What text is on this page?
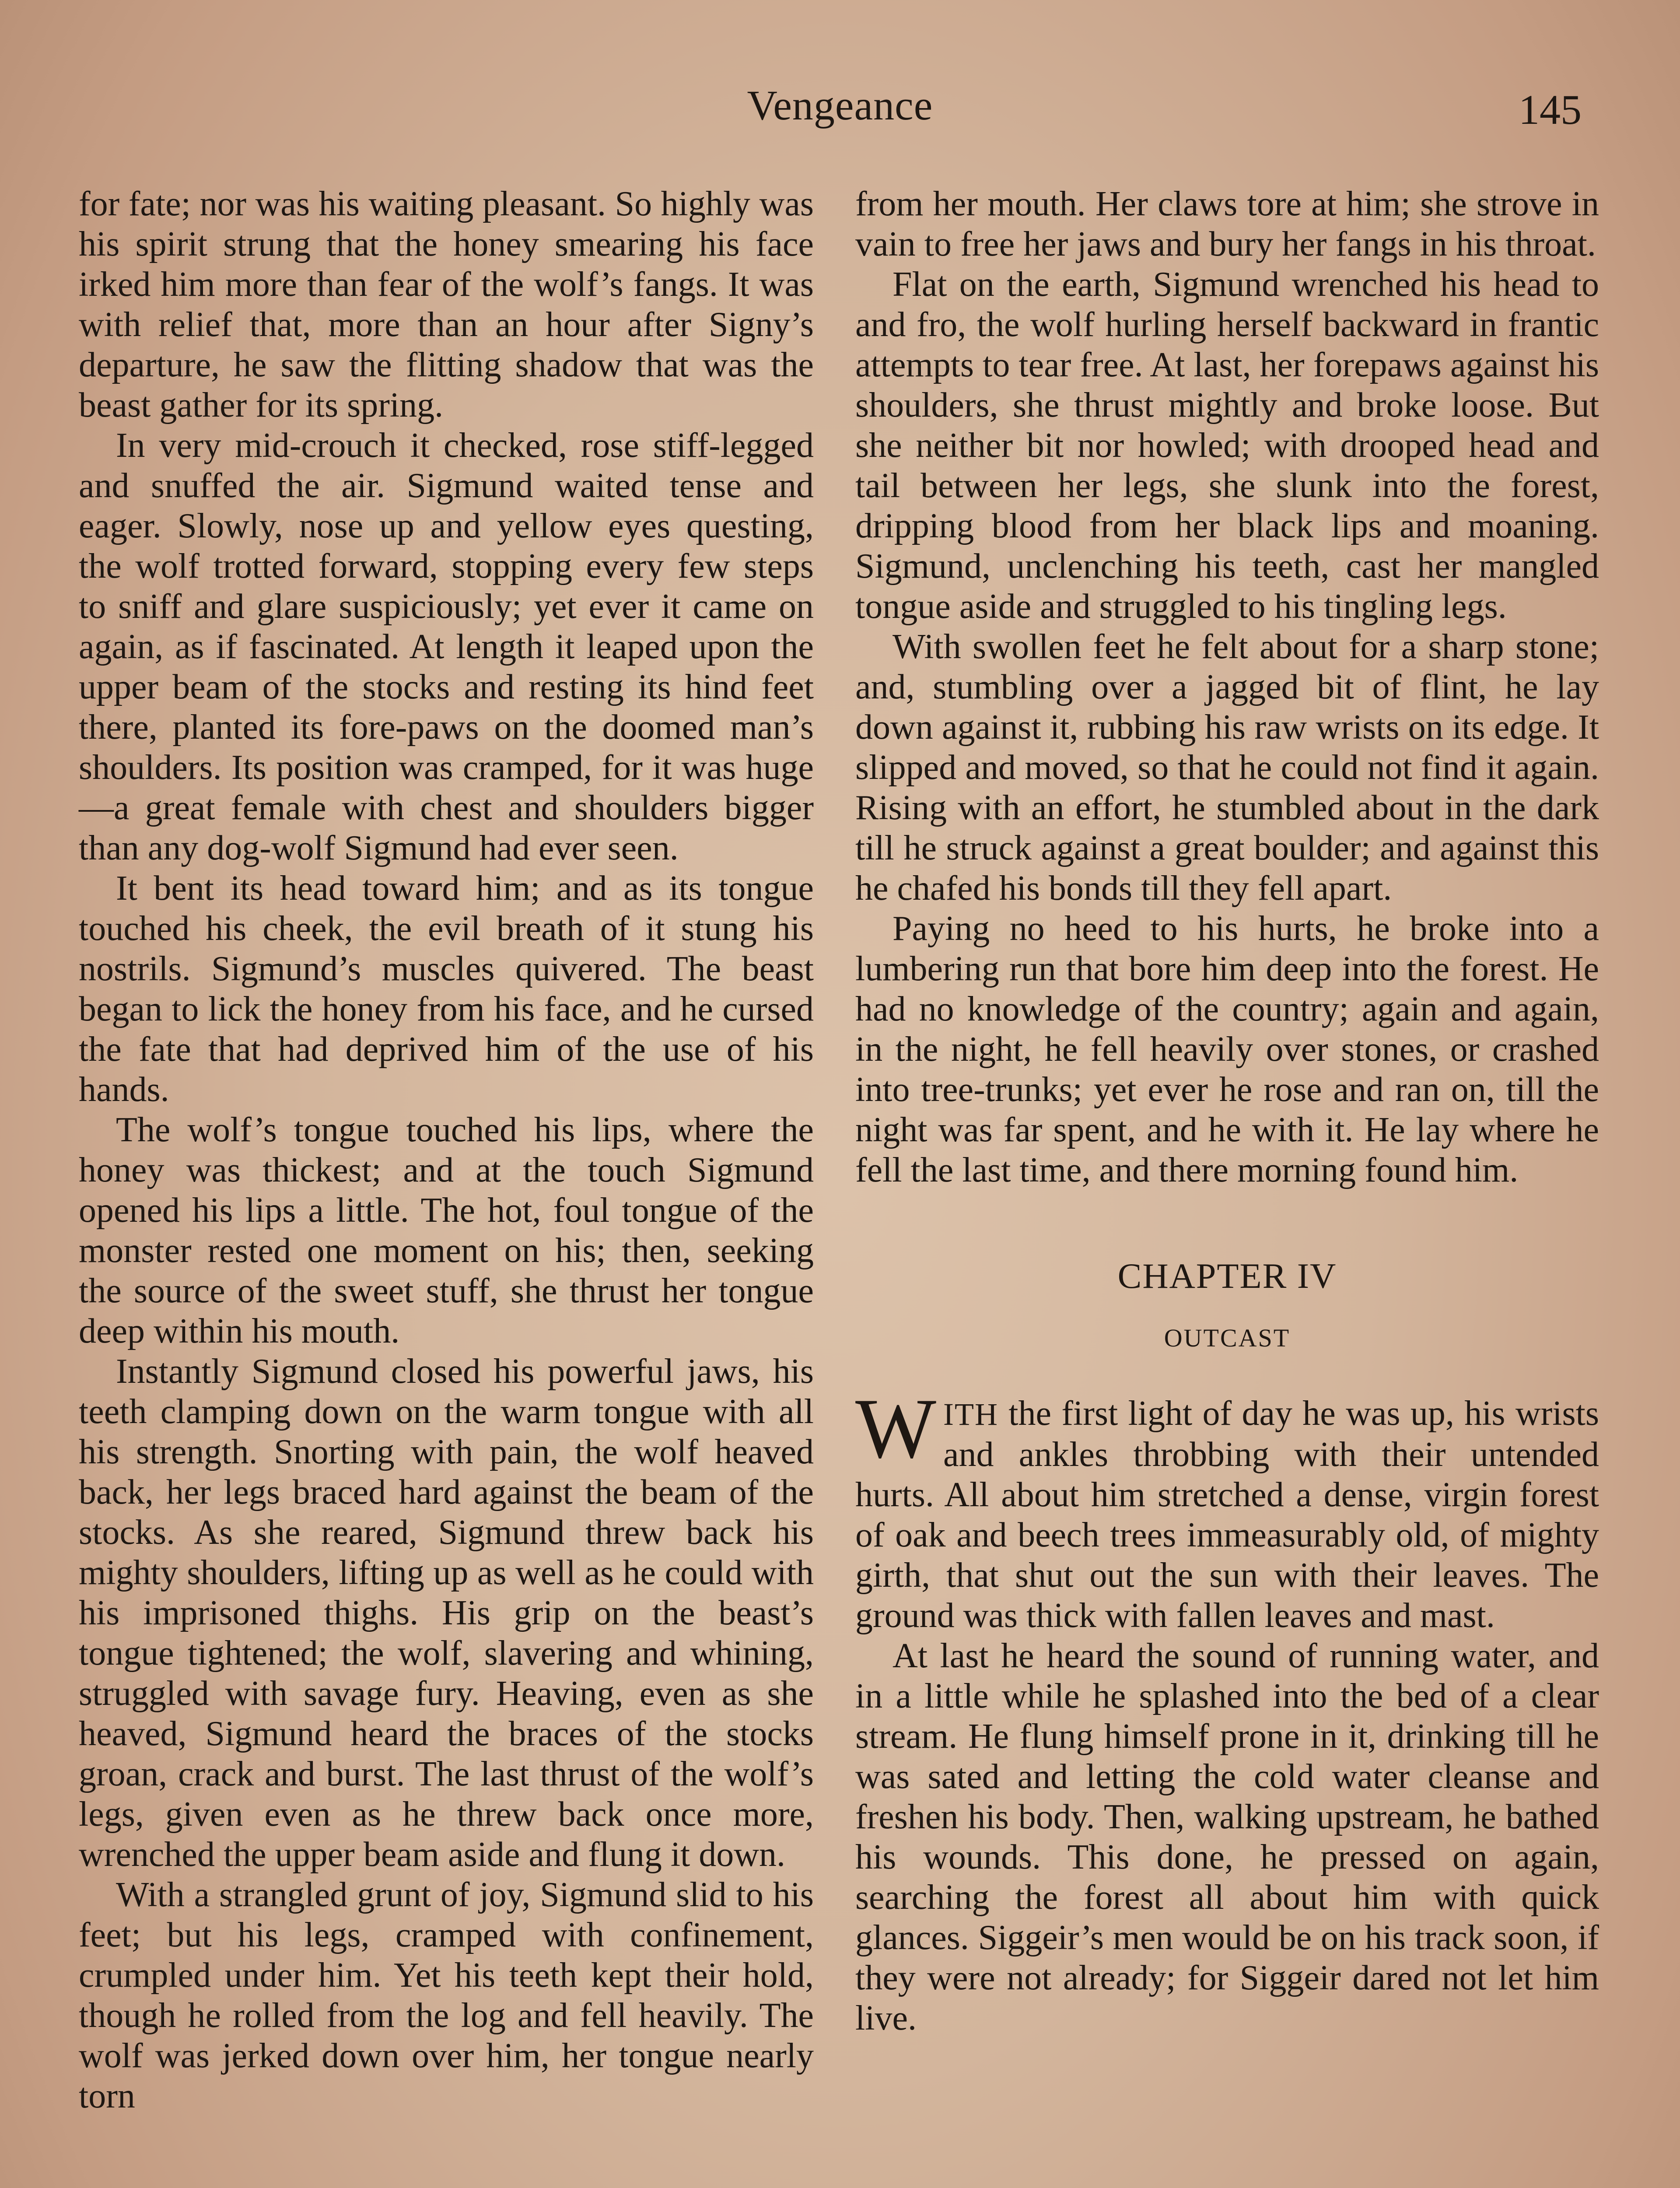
Vengeance	145

for fate; nor was his waiting pleasant. So highly was his spirit strung that the honey smearing his face irked him more than fear of the wolf’s fangs. It was with relief that, more than an hour after Signy’s departure, he saw the flitting shadow that was the beast gather for its spring.

In very mid-crouch it checked, rose stiff-legged and snuffed the air. Sigmund waited tense and eager. Slowly, nose up and yellow eyes questing, the wolf trotted forward, stopping every few steps to sniff and glare suspiciously; yet ever it came on again, as if fascinated. At length it leaped upon the upper beam of the stocks and resting its hind feet there, planted its fore-paws on the doomed man’s shoulders. Its position was cramped, for it was huge—a great female with chest and shoulders bigger than any dog-wolf Sigmund had ever seen.

It bent its head toward him; and as its tongue touched his cheek, the evil breath of it stung his nostrils. Sigmund’s muscles quivered. The beast began to lick the honey from his face, and he cursed the fate that had deprived him of the use of his hands.

The wolf’s tongue touched his lips, where the honey was thickest; and at the touch Sigmund opened his lips a little. The hot, foul tongue of the monster rested one moment on his; then, seeking the source of the sweet stuff, she thrust her tongue deep within his mouth.

Instantly Sigmund closed his powerful jaws, his teeth clamping down on the warm tongue with all his strength. Snorting with pain, the wolf heaved back, her legs braced hard against the beam of the stocks. As she reared, Sigmund threw back his mighty shoulders, lifting up as well as he could with his imprisoned thighs. His grip on the beast’s tongue tightened; the wolf, slavering and whining, struggled with savage fury. Heaving, even as she heaved, Sigmund heard the braces of the stocks groan, crack and burst. The last thrust of the wolf’s legs, given even as he threw back once more, wrenched the upper beam aside and flung it down.

With a strangled grunt of joy, Sigmund slid to his feet; but his legs, cramped with confinement, crumpled under him. Yet his teeth kept their hold, though he rolled from the log and fell heavily. The wolf was jerked down over him, her tongue nearly torn

from her mouth. Her claws tore at him; she strove in vain to free her jaws and bury her fangs in his throat.

Flat on the earth, Sigmund wrenched his head to and fro, the wolf hurling herself backward in frantic attempts to tear free. At last, her forepaws against his shoulders, she thrust mightly and broke loose. But she neither bit nor howled; with drooped head and tail between her legs, she slunk into the forest, dripping blood from her black lips and moaning. Sigmund, unclenching his teeth, cast her mangled tongue aside and struggled to his tingling legs.

With swollen feet he felt about for a sharp stone; and, stumbling over a jagged bit of flint, he lay down against it, rubbing his raw wrists on its edge. It slipped and moved, so that he could not find it again. Rising with an effort, he stumbled about in the dark till he struck against a great boulder; and against this he chafed his bonds till they fell apart.

Paying no heed to his hurts, he broke into a lumbering run that bore him deep into the forest. He had no knowledge of the country; again and again, in the night, he fell heavily over stones, or crashed into tree-trunks; yet ever he rose and ran on, till the night was far spent, and he with it. He lay where he fell the last time, and there morning found him.

CHAPTER IV
OUTCAST

WITH the first light of day he was up, his wrists and ankles throbbing with their untended hurts. All about him stretched a dense, virgin forest of oak and beech trees immeasurably old, of mighty girth, that shut out the sun with their leaves. The ground was thick with fallen leaves and mast.

At last he heard the sound of running water, and in a little while he splashed into the bed of a clear stream. He flung himself prone in it, drinking till he was sated and letting the cold water cleanse and freshen his body. Then, walking upstream, he bathed his wounds. This done, he pressed on again, searching the forest all about him with quick glances. Siggeir’s men would be on his track soon, if they were not already; for Siggeir dared not let him live.
